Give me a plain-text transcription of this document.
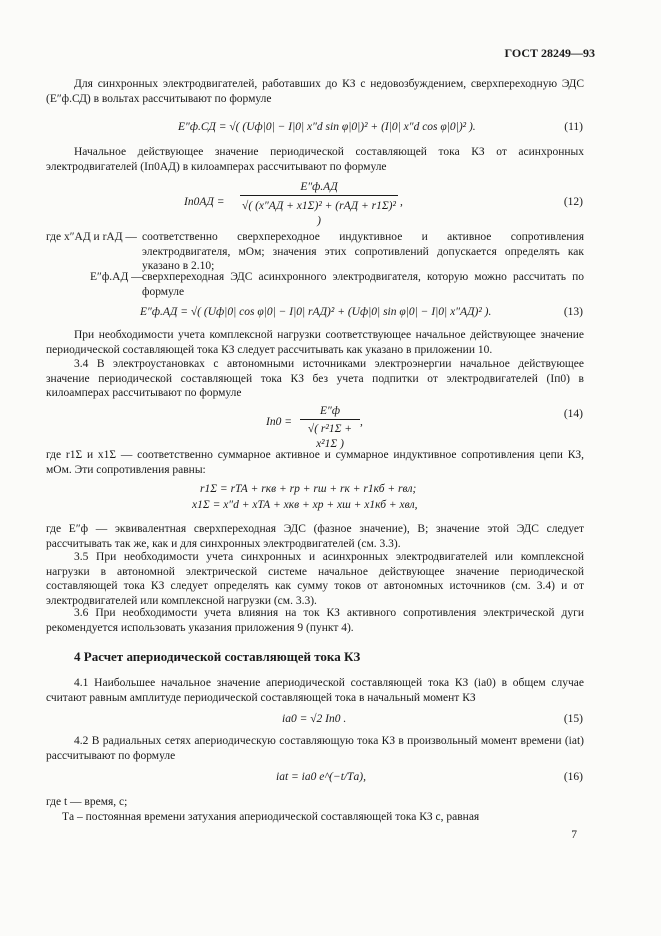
ГОСТ 28249—93

Для синхронных электродвигателей, работавших до КЗ с недовозбуждением, сверхпереходную ЭДС (E″ф.СД) в вольтах рассчитывают по формуле

E″ф.СД = √( (Uф|0| − I|0| x″d sin φ|0|)² + (I|0| x″d cos φ|0|)² ).	(11)

Начальное действующее значение периодической составляющей тока КЗ от асинхронных электродвигателей (Iп0АД) в килоамперах рассчитывают по формуле

Iп0АД =
E″ф.АД
√( (x″АД + x1Σ)² + (rАД + r1Σ)² )
,	(12)
где x″АД и rАД — соответственно сверхпереходное индуктивное и активное сопротивления электродвигателя, мОм; значения этих сопротивлений допускается определять как указано в 2.10;
E″ф.АД — сверхпереходная ЭДС асинхронного электродвигателя, которую можно рассчитать по формуле
E″ф.АД = √( (Uф|0| cos φ|0| − I|0| rАД)² + (Uф|0| sin φ|0| − I|0| x″АД)² ).	(13)

При необходимости учета комплексной нагрузки соответствующее начальное действующее значение периодической составляющей тока КЗ следует рассчитывать как указано в приложении 10.

3.4 В электроустановках с автономными источниками электроэнергии начальное действующее значение периодической составляющей тока КЗ без учета подпитки от электродвигателей (Iп0) в килоамперах рассчитывают по формуле

Iп0 =
E″ф
√( r²1Σ + x²1Σ )
,
(14)

где r1Σ и x1Σ — соответственно суммарное активное и суммарное индуктивное сопротивления цепи КЗ, мОм. Эти сопротивления равны:

r1Σ = rТА + rкв + rр + rш + rк + r1кб + rвл;
x1Σ = x″d + xТА + xкв + xр + xш + x1кб + xвл,

где E″ф — эквивалентная сверхпереходная ЭДС (фазное значение), В; значение этой ЭДС следует рассчитывать так же, как и для синхронных электродвигателей (см. 3.3).

3.5 При необходимости учета синхронных и асинхронных электродвигателей или комплексной нагрузки в автономной электрической системе начальное действующее значение периодической составляющей тока КЗ следует определять как сумму токов от автономных источников (см. 3.4) и от электродвигателей или комплексной нагрузки (см. 3.3).

3.6 При необходимости учета влияния на ток КЗ активного сопротивления электрической дуги рекомендуется использовать указания приложения 9 (пункт 4).

4 Расчет апериодической составляющей тока КЗ

4.1 Наибольшее начальное значение апериодической составляющей тока КЗ (iа0) в общем случае считают равным амплитуде периодической составляющей тока в начальный момент КЗ

iа0 = √2 Iп0 .	(15)

4.2 В радиальных сетях апериодическую составляющую тока КЗ в произвольный момент времени (iаt) рассчитывают по формуле

iаt = iа0 e^(−t/Tа),	(16)

где t — время, с;

Tа – постоянная времени затухания апериодической составляющей тока КЗ с, равная

7
